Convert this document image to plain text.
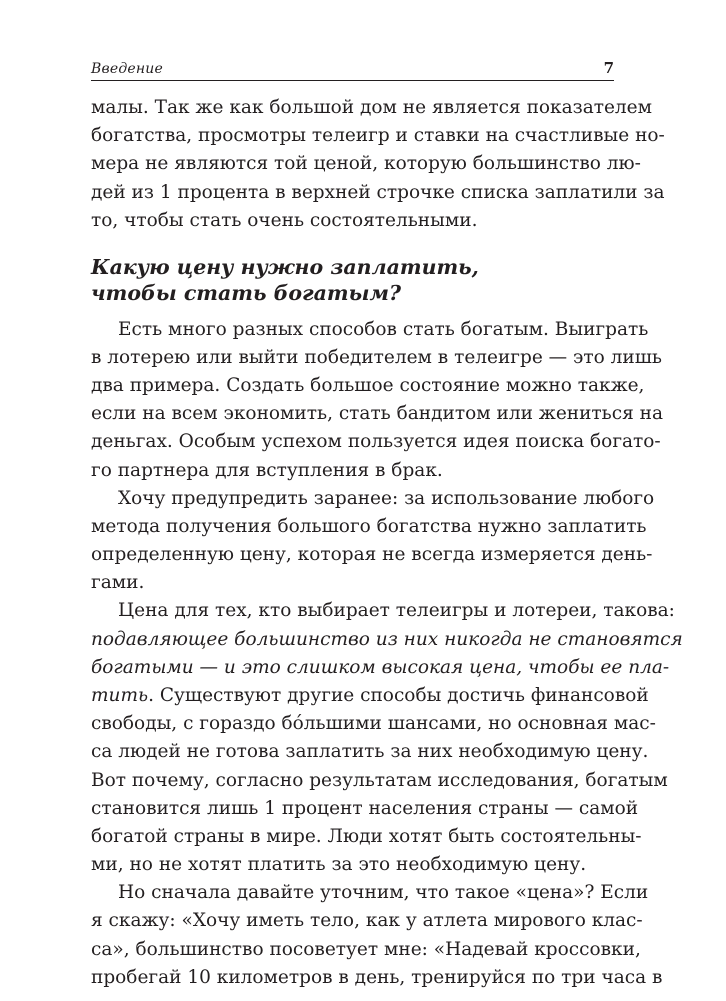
Введение	7
малы. Так же как большой дом не является показателем
богатства, просмотры телеигр и ставки на счастливые но-
мера не являются той ценой, которую большинство лю-
дей из 1 процента в верхней строчке списка заплатили за
то, чтобы стать очень состоятельными.
Какую цену нужно заплатить,
чтобы стать богатым?
Есть много разных способов стать богатым. Выиграть
в лотерею или выйти победителем в телеигре — это лишь
два примера. Создать большое состояние можно также,
если на всем экономить, стать бандитом или жениться на
деньгах. Особым успехом пользуется идея поиска богато-
го партнера для вступления в брак.
Хочу предупредить заранее: за использование любого
метода получения большого богатства нужно заплатить
определенную цену, которая не всегда измеряется день-
гами.
Цена для тех, кто выбирает телеигры и лотереи, такова:
подавляющее большинство из них никогда не становятся
богатыми — и это слишком высокая цена, чтобы ее пла-
тить. Существуют другие способы достичь финансовой
свободы, с гораздо бо́льшими шансами, но основная мас-
са людей не готова заплатить за них необходимую цену.
Вот почему, согласно результатам исследования, богатым
становится лишь 1 процент населения страны — самой
богатой страны в мире. Люди хотят быть состоятельны-
ми, но не хотят платить за это необходимую цену.
Но сначала давайте уточним, что такое «цена»? Если
я скажу: «Хочу иметь тело, как у атлета мирового клас-
са», большинство посоветует мне: «Надевай кроссовки,
пробегай 10 километров в день, тренируйся по три часа в
